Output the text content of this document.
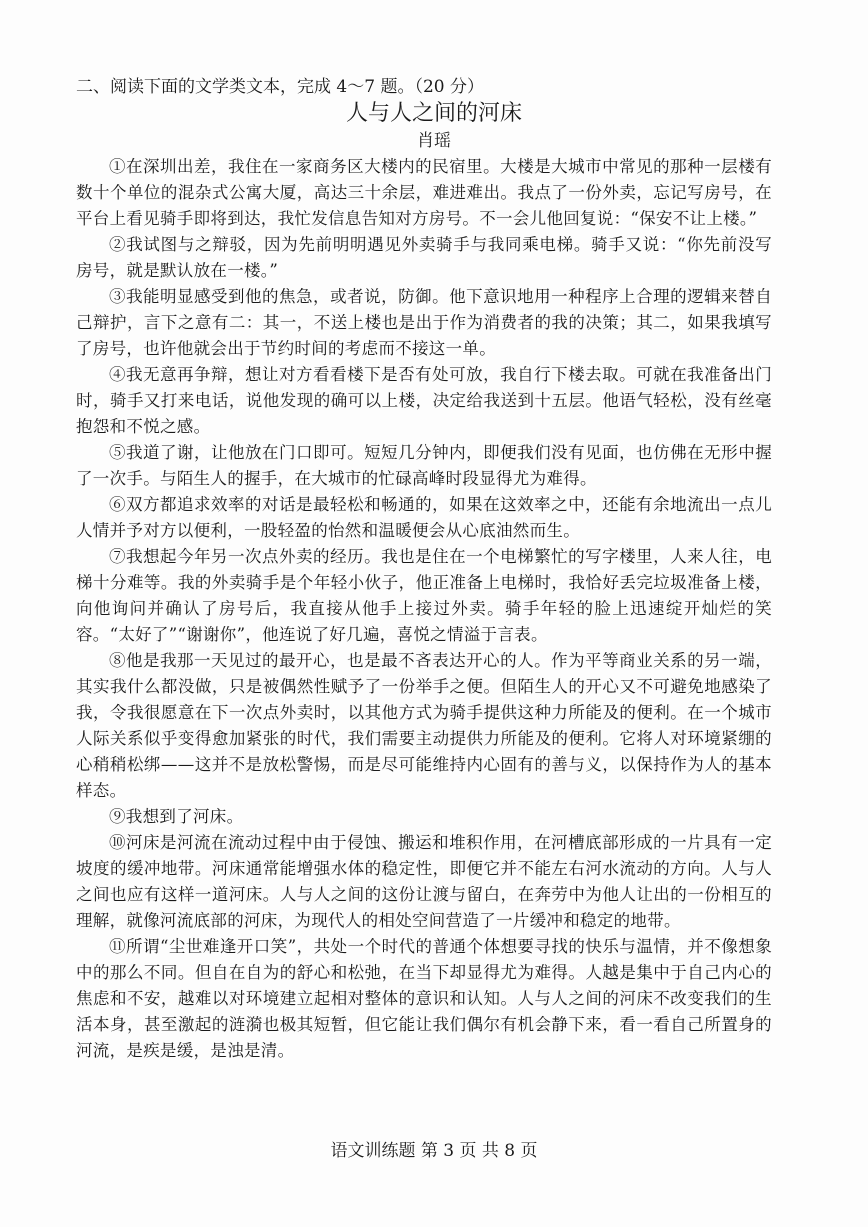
二、阅读下面的文学类文本，完成 4～7 题。（20 分）
人与人之间的河床
肖瑶

①在深圳出差，我住在一家商务区大楼内的民宿里。大楼是大城市中常见的那种一层楼有数十个单位的混杂式公寓大厦，高达三十余层，难进难出。我点了一份外卖，忘记写房号，在平台上看见骑手即将到达，我忙发信息告知对方房号。不一会儿他回复说：“保安不让上楼。”

②我试图与之辩驳，因为先前明明遇见外卖骑手与我同乘电梯。骑手又说：“你先前没写房号，就是默认放在一楼。”

③我能明显感受到他的焦急，或者说，防御。他下意识地用一种程序上合理的逻辑来替自己辩护，言下之意有二：其一，不送上楼也是出于作为消费者的我的决策；其二，如果我填写了房号，也许他就会出于节约时间的考虑而不接这一单。

④我无意再争辩，想让对方看看楼下是否有处可放，我自行下楼去取。可就在我准备出门时，骑手又打来电话，说他发现的确可以上楼，决定给我送到十五层。他语气轻松，没有丝毫抱怨和不悦之感。

⑤我道了谢，让他放在门口即可。短短几分钟内，即便我们没有见面，也仿佛在无形中握了一次手。与陌生人的握手，在大城市的忙碌高峰时段显得尤为难得。

⑥双方都追求效率的对话是最轻松和畅通的，如果在这效率之中，还能有余地流出一点儿人情并予对方以便利，一股轻盈的怡然和温暖便会从心底油然而生。

⑦我想起今年另一次点外卖的经历。我也是住在一个电梯繁忙的写字楼里，人来人往，电梯十分难等。我的外卖骑手是个年轻小伙子，他正准备上电梯时，我恰好丢完垃圾准备上楼，向他询问并确认了房号后，我直接从他手上接过外卖。骑手年轻的脸上迅速绽开灿烂的笑容。“太好了”“谢谢你”，他连说了好几遍，喜悦之情溢于言表。

⑧他是我那一天见过的最开心，也是最不吝表达开心的人。作为平等商业关系的另一端，其实我什么都没做，只是被偶然性赋予了一份举手之便。但陌生人的开心又不可避免地感染了我，令我很愿意在下一次点外卖时，以其他方式为骑手提供这种力所能及的便利。在一个城市人际关系似乎变得愈加紧张的时代，我们需要主动提供力所能及的便利。它将人对环境紧绷的心稍稍松绑——这并不是放松警惕，而是尽可能维持内心固有的善与义，以保持作为人的基本样态。

⑨我想到了河床。

⑩河床是河流在流动过程中由于侵蚀、搬运和堆积作用，在河槽底部形成的一片具有一定坡度的缓冲地带。河床通常能增强水体的稳定性，即便它并不能左右河水流动的方向。人与人之间也应有这样一道河床。人与人之间的这份让渡与留白，在奔劳中为他人让出的一份相互的理解，就像河流底部的河床，为现代人的相处空间营造了一片缓冲和稳定的地带。

⑪所谓“尘世难逢开口笑”，共处一个时代的普通个体想要寻找的快乐与温情，并不像想象中的那么不同。但自在自为的舒心和松弛，在当下却显得尤为难得。人越是集中于自己内心的焦虑和不安，越难以对环境建立起相对整体的意识和认知。人与人之间的河床不改变我们的生活本身，甚至激起的涟漪也极其短暂，但它能让我们偶尔有机会静下来，看一看自己所置身的河流，是疾是缓，是浊是清。

语文训练题 第 3 页 共 8 页
